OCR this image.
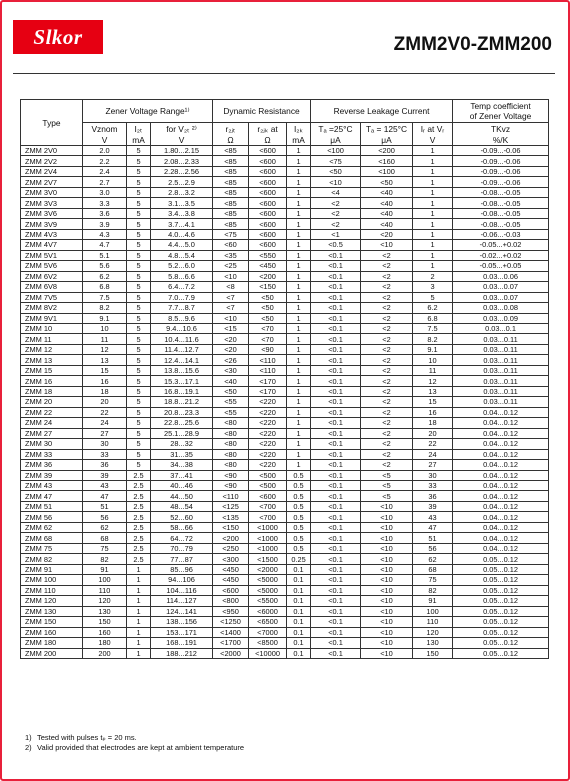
Slkor	ZMM2V0-ZMM200
Type	Zener Voltage Range¹⁾			Dynamic Resistance			Reverse Leakage Current			Temp coefficient
of Zener Voltage

	Vznom	I₂ₜ	for V₂ₜ ²⁾	r₂ⱼₜ	r₂ⱼₖ at	I₂ₖ	Tₐ =25°C	Tₐ = 125°C	Iᵣ at Vᵣ	TKvz
	V	mA	V	Ω	Ω	mA	μA	μA	V	%/K
ZMM 2V0	2.0	5	1.80...2.15	<85	<600	1	<100	<200	1	-0.09...-0.06
ZMM 2V2	2.2	5	2.08...2.33	<85	<600	1	<75	<160	1	-0.09...-0.06
ZMM 2V4	2.4	5	2.28...2.56	<85	<600	1	<50	<100	1	-0.09...-0.06
ZMM 2V7	2.7	5	2.5...2.9	<85	<600	1	<10	<50	1	-0.09...-0.06
ZMM 3V0	3.0	5	2.8...3.2	<85	<600	1	<4	<40	1	-0.08...-0.05
ZMM 3V3	3.3	5	3.1...3.5	<85	<600	1	<2	<40	1	-0.08...-0.05
ZMM 3V6	3.6	5	3.4...3.8	<85	<600	1	<2	<40	1	-0.08...-0.05
ZMM 3V9	3.9	5	3.7...4.1	<85	<600	1	<2	<40	1	-0.08...-0.05
ZMM 4V3	4.3	5	4.0...4.6	<75	<600	1	<1	<20	1	-0.06...-0.03
ZMM 4V7	4.7	5	4.4...5.0	<60	<600	1	<0.5	<10	1	-0.05...+0.02
ZMM 5V1	5.1	5	4.8...5.4	<35	<550	1	<0.1	<2	1	-0.02...+0.02
ZMM 5V6	5.6	5	5.2...6.0	<25	<450	1	<0.1	<2	1	-0.05...+0.05
ZMM 6V2	6.2	5	5.8...6.6	<10	<200	1	<0.1	<2	2	0.03...0.06
ZMM 6V8	6.8	5	6.4...7.2	<8	<150	1	<0.1	<2	3	0.03...0.07
ZMM 7V5	7.5	5	7.0...7.9	<7	<50	1	<0.1	<2	5	0.03...0.07
ZMM 8V2	8.2	5	7.7...8.7	<7	<50	1	<0.1	<2	6.2	0.03...0.08
ZMM 9V1	9.1	5	8.5...9.6	<10	<50	1	<0.1	<2	6.8	0.03...0.09
ZMM 10	10	5	9.4...10.6	<15	<70	1	<0.1	<2	7.5	0.03...0.1
ZMM 11	11	5	10.4...11.6	<20	<70	1	<0.1	<2	8.2	0.03...0.11
ZMM 12	12	5	11.4...12.7	<20	<90	1	<0.1	<2	9.1	0.03...0.11
ZMM 13	13	5	12.4...14.1	<26	<110	1	<0.1	<2	10	0.03...0.11
ZMM 15	15	5	13.8...15.6	<30	<110	1	<0.1	<2	11	0.03...0.11
ZMM 16	16	5	15.3...17.1	<40	<170	1	<0.1	<2	12	0.03...0.11
ZMM 18	18	5	16.8...19.1	<50	<170	1	<0.1	<2	13	0.03...0.11
ZMM 20	20	5	18.8...21.2	<55	<220	1	<0.1	<2	15	0.03...0.11
ZMM 22	22	5	20.8...23.3	<55	<220	1	<0.1	<2	16	0.04...0.12
ZMM 24	24	5	22.8...25.6	<80	<220	1	<0.1	<2	18	0.04...0.12
ZMM 27	27	5	25.1...28.9	<80	<220	1	<0.1	<2	20	0.04...0.12
ZMM 30	30	5	28...32	<80	<220	1	<0.1	<2	22	0.04...0.12
ZMM 33	33	5	31...35	<80	<220	1	<0.1	<2	24	0.04...0.12
ZMM 36	36	5	34...38	<80	<220	1	<0.1	<2	27	0.04...0.12
ZMM 39	39	2.5	37...41	<90	<500	0.5	<0.1	<5	30	0.04...0.12
ZMM 43	43	2.5	40...46	<90	<500	0.5	<0.1	<5	33	0.04...0.12
ZMM 47	47	2.5	44...50	<110	<600	0.5	<0.1	<5	36	0.04...0.12
ZMM 51	51	2.5	48...54	<125	<700	0.5	<0.1	<10	39	0.04...0.12
ZMM 56	56	2.5	52...60	<135	<700	0.5	<0.1	<10	43	0.04...0.12
ZMM 62	62	2.5	58...66	<150	<1000	0.5	<0.1	<10	47	0.04...0.12
ZMM 68	68	2.5	64...72	<200	<1000	0.5	<0.1	<10	51	0.04...0.12
ZMM 75	75	2.5	70...79	<250	<1000	0.5	<0.1	<10	56	0.04...0.12
ZMM 82	82	2.5	77...87	<300	<1500	0.25	<0.1	<10	62	0.05...0.12
ZMM 91	91	1	85...96	<450	<2000	0.1	<0.1	<10	68	0.05...0.12
ZMM 100	100	1	94...106	<450	<5000	0.1	<0.1	<10	75	0.05...0.12
ZMM 110	110	1	104...116	<600	<5000	0.1	<0.1	<10	82	0.05...0.12
ZMM 120	120	1	114...127	<800	<5500	0.1	<0.1	<10	91	0.05...0.12
ZMM 130	130	1	124...141	<950	<6000	0.1	<0.1	<10	100	0.05...0.12
ZMM 150	150	1	138...156	<1250	<6500	0.1	<0.1	<10	110	0.05...0.12
ZMM 160	160	1	153...171	<1400	<7000	0.1	<0.1	<10	120	0.05...0.12
ZMM 180	180	1	168...191	<1700	<8500	0.1	<0.1	<10	130	0.05...0.12
ZMM 200	200	1	188...212	<2000	<10000	0.1	<0.1	<10	150	0.05...0.12
1) Tested with pulses tₚ = 20 ms.
2) Valid provided that electrodes are kept at ambient temperature
